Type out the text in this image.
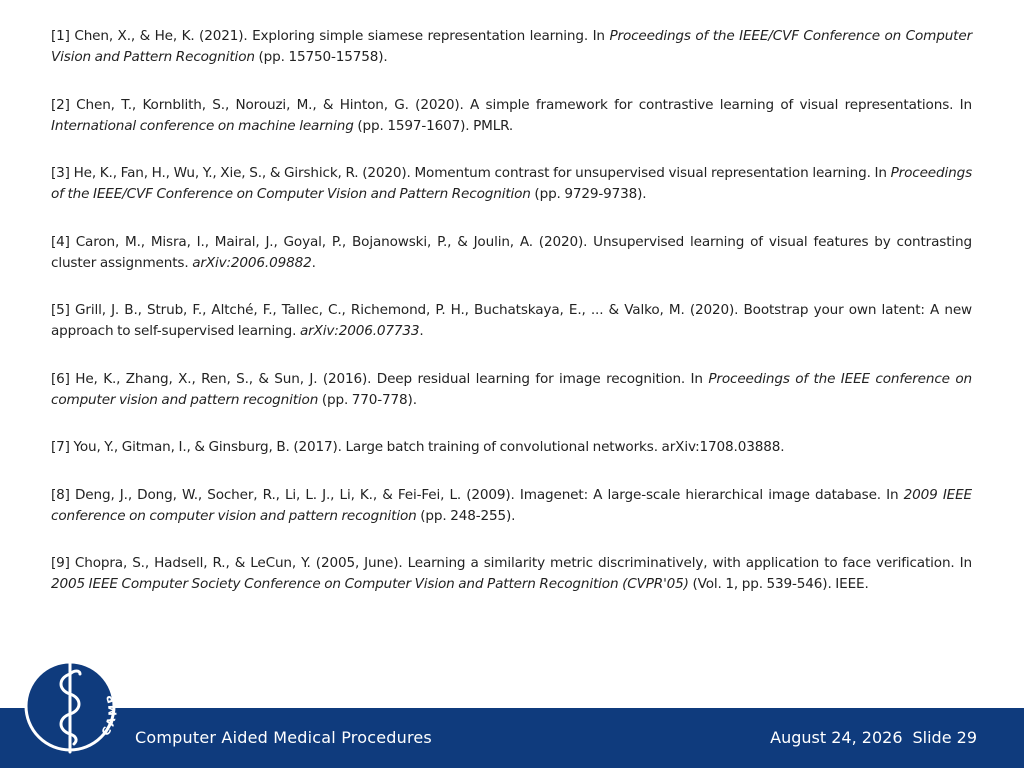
[1] Chen, X., & He, K. (2021). Exploring simple siamese representation learning. In Proceedings of the IEEE/CVF Conference on Computer Vision and Pattern Recognition (pp. 15750-15758).

[2] Chen, T., Kornblith, S., Norouzi, M., & Hinton, G. (2020). A simple framework for contrastive learning of visual representations. In International conference on machine learning (pp. 1597-1607). PMLR.

[3] He, K., Fan, H., Wu, Y., Xie, S., & Girshick, R. (2020). Momentum contrast for unsupervised visual representation learning. In Proceedings of the IEEE/CVF Conference on Computer Vision and Pattern Recognition (pp. 9729-9738).

[4] Caron, M., Misra, I., Mairal, J., Goyal, P., Bojanowski, P., & Joulin, A. (2020). Unsupervised learning of visual features by contrasting cluster assignments. arXiv:2006.09882.

[5] Grill, J. B., Strub, F., Altché, F., Tallec, C., Richemond, P. H., Buchatskaya, E., ... & Valko, M. (2020). Bootstrap your own latent: A new approach to self-supervised learning. arXiv:2006.07733.

[6] He, K., Zhang, X., Ren, S., & Sun, J. (2016). Deep residual learning for image recognition. In Proceedings of the IEEE conference on computer vision and pattern recognition (pp. 770-778).

[7] You, Y., Gitman, I., & Ginsburg, B. (2017). Large batch training of convolutional networks. arXiv:1708.03888.

[8] Deng, J., Dong, W., Socher, R., Li, L. J., Li, K., & Fei-Fei, L. (2009). Imagenet: A large-scale hierarchical image database. In 2009 IEEE conference on computer vision and pattern recognition (pp. 248-255).

[9] Chopra, S., Hadsell, R., & LeCun, Y. (2005, June). Learning a similarity metric discriminatively, with application to face verification. In 2005 IEEE Computer Society Conference on Computer Vision and Pattern Recognition (CVPR'05) (Vol. 1, pp. 539-546). IEEE.

CAMP
Computer Aided Medical Procedures	August 24, 2026 Slide 29
